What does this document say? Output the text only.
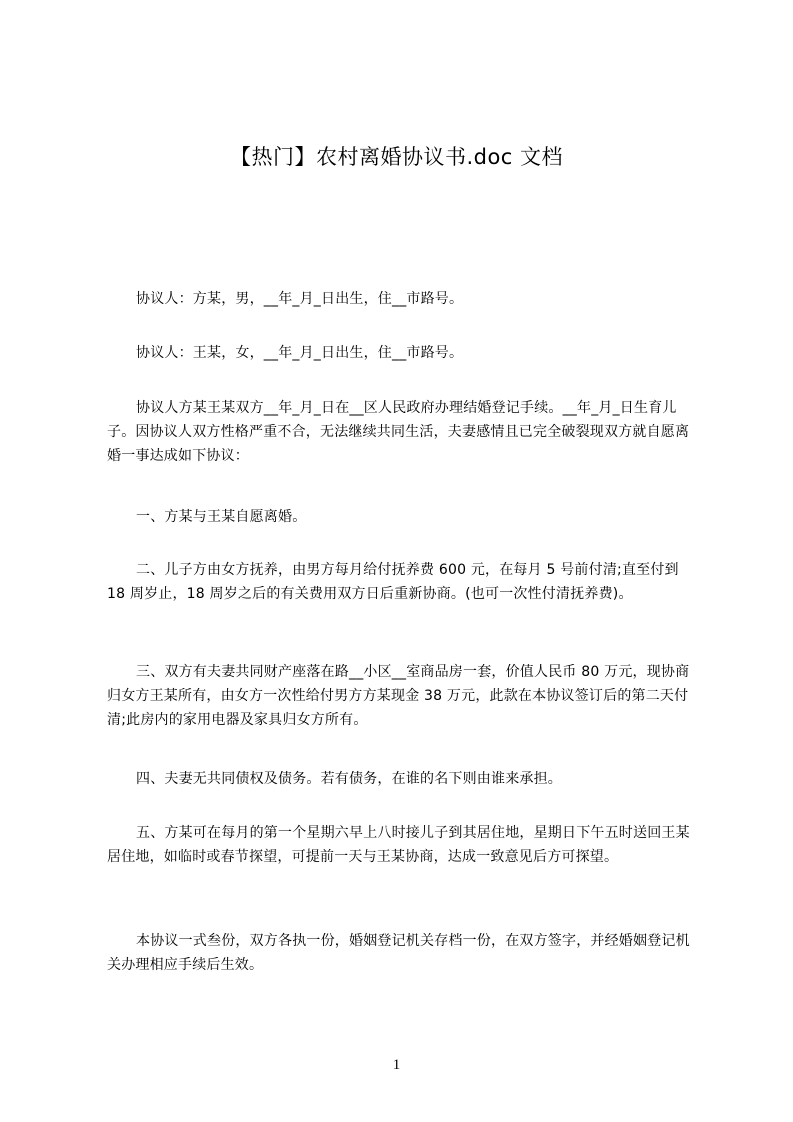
【热门】农村离婚协议书.doc 文档

协议人：方某，男，__年_月_日出生，住__市路号。

协议人：王某，女，__年_月_日出生，住__市路号。

协议人方某王某双方__年_月_日在__区人民政府办理结婚登记手续。__年_月_日生育儿子。因协议人双方性格严重不合，无法继续共同生活，夫妻感情且已完全破裂现双方就自愿离婚一事达成如下协议：

一、方某与王某自愿离婚。

二、儿子方由女方抚养，由男方每月给付抚养费 600 元，在每月 5 号前付清;直至付到 18 周岁止，18 周岁之后的有关费用双方日后重新协商。(也可一次性付清抚养费)。

三、双方有夫妻共同财产座落在路__小区__室商品房一套，价值人民币 80 万元，现协商归女方王某所有，由女方一次性给付男方方某现金 38 万元，此款在本协议签订后的第二天付清;此房内的家用电器及家具归女方所有。

四、夫妻无共同债权及债务。若有债务，在谁的名下则由谁来承担。

五、方某可在每月的第一个星期六早上八时接儿子到其居住地，星期日下午五时送回王某居住地，如临时或春节探望，可提前一天与王某协商，达成一致意见后方可探望。

本协议一式叁份，双方各执一份，婚姻登记机关存档一份，在双方签字，并经婚姻登记机关办理相应手续后生效。

1
